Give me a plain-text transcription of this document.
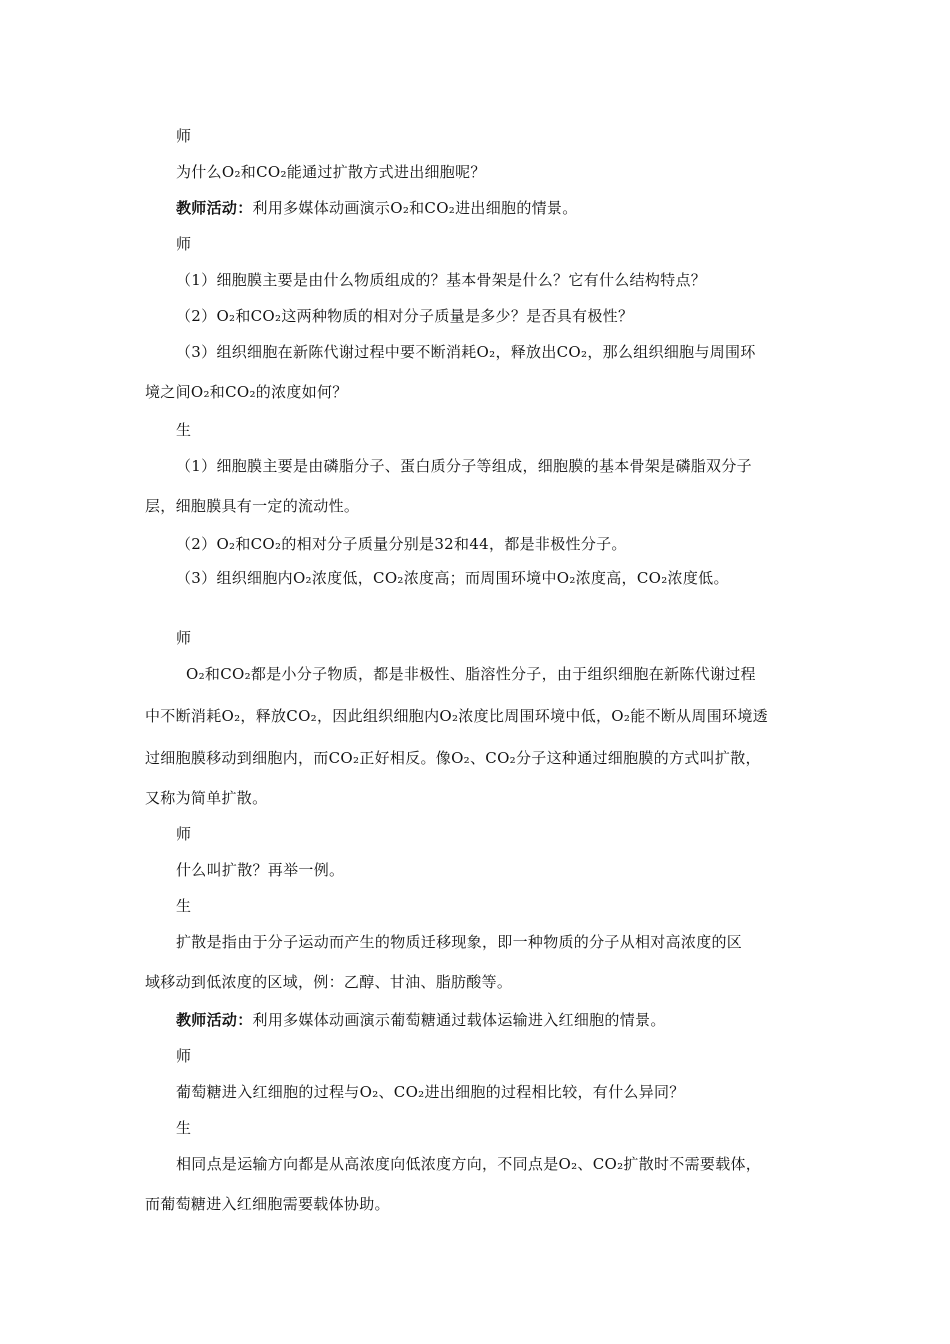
师
为什么O₂和CO₂能通过扩散方式进出细胞呢？
教师活动：利用多媒体动画演示O₂和CO₂进出细胞的情景。
师
（1）细胞膜主要是由什么物质组成的？基本骨架是什么？它有什么结构特点？
（2）O₂和CO₂这两种物质的相对分子质量是多少？是否具有极性？
（3）组织细胞在新陈代谢过程中要不断消耗O₂，释放出CO₂，那么组织细胞与周围环
境之间O₂和CO₂的浓度如何？
生
（1）细胞膜主要是由磷脂分子、蛋白质分子等组成，细胞膜的基本骨架是磷脂双分子
层，细胞膜具有一定的流动性。
（2）O₂和CO₂的相对分子质量分别是32和44，都是非极性分子。
（3）组织细胞内O₂浓度低，CO₂浓度高；而周围环境中O₂浓度高，CO₂浓度低。
师
O₂和CO₂都是小分子物质，都是非极性、脂溶性分子，由于组织细胞在新陈代谢过程
中不断消耗O₂，释放CO₂，因此组织细胞内O₂浓度比周围环境中低，O₂能不断从周围环境透
过细胞膜移动到细胞内，而CO₂正好相反。像O₂、CO₂分子这种通过细胞膜的方式叫扩散，
又称为简单扩散。
师
什么叫扩散？再举一例。
生
扩散是指由于分子运动而产生的物质迁移现象，即一种物质的分子从相对高浓度的区
域移动到低浓度的区域，例：乙醇、甘油、脂肪酸等。
教师活动：利用多媒体动画演示葡萄糖通过载体运输进入红细胞的情景。
师
葡萄糖进入红细胞的过程与O₂、CO₂进出细胞的过程相比较，有什么异同？
生
相同点是运输方向都是从高浓度向低浓度方向，不同点是O₂、CO₂扩散时不需要载体，
而葡萄糖进入红细胞需要载体协助。
